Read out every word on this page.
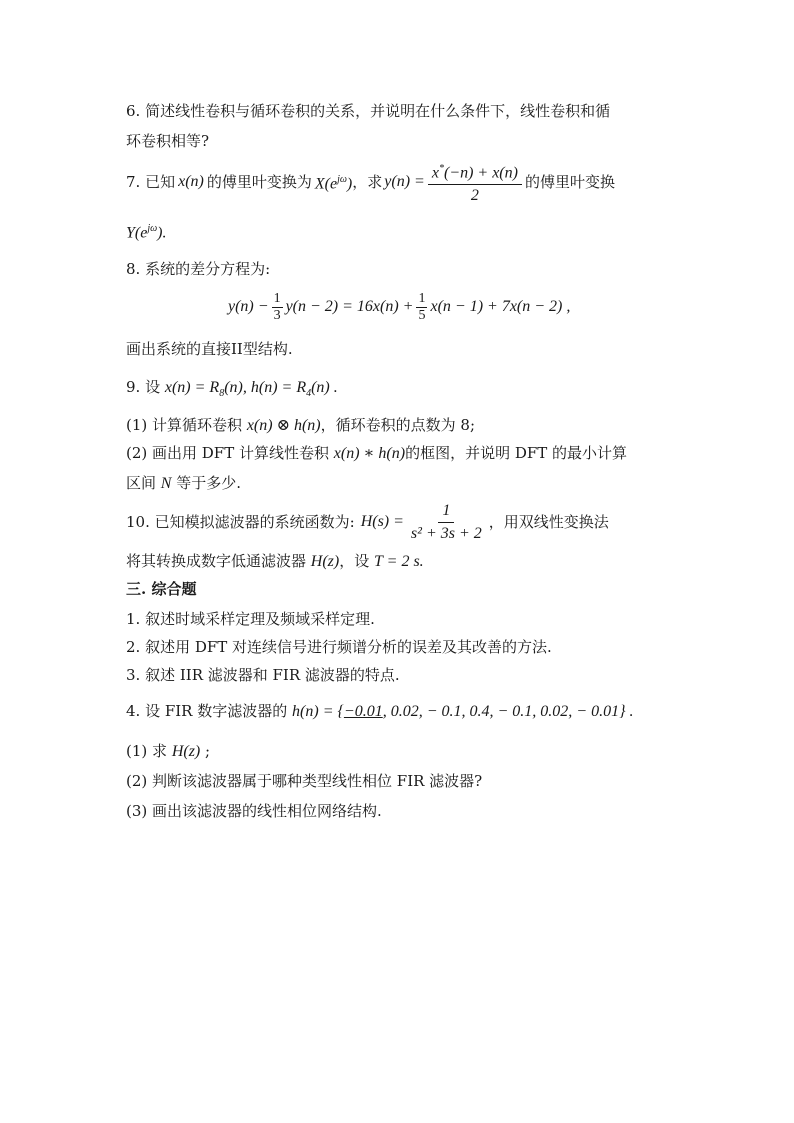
6. 简述线性卷积与循环卷积的关系，并说明在什么条件下，线性卷积和循
环卷积相等?
7. 已知 x(n) 的傅里叶变换为 $X(e^{j\omega})$ ，求 $y(n) = \frac{x^*(-n) + x(n)}{2}$ 的傅里叶变换
$Y(e^{j\omega})$.
8. 系统的差分方程为:
$y(n) - \frac{1}{3} y(n - 2) = 16x(n) + \frac{1}{5} x(n - 1) + 7x(n - 2)$ ,
画出系统的直接II型结构.
9. 设 $x(n) = R_8(n)$, $h(n) = R_4(n)$ .
(1) 计算循环卷积 x(n) ⊗ h(n)，循环卷积的点数为 8;
(2) 画出用 DFT 计算线性卷积 x(n) ∗ h(n)的框图，并说明 DFT 的最小计算
区间 N 等于多少.
10. 已知模拟滤波器的系统函数为: $H(s) = \frac{1}{\text{s² + 3s + 2}}$ ，用双线性变换法
将其转换成数字低通滤波器 H(z)，设 T = 2 s.
三. 综合题
1. 叙述时域采样定理及频域采样定理.
2. 叙述用 DFT 对连续信号进行频谱分析的误差及其改善的方法.
3. 叙述 IIR 滤波器和 FIR 滤波器的特点.
4. 设 FIR 数字滤波器的 h(n) = {−0.01, 0.02, − 0.1, 0.4, − 0.1, 0.02, − 0.01} .
(1) 求 H(z) ;
(2) 判断该滤波器属于哪种类型线性相位 FIR 滤波器?
(3) 画出该滤波器的线性相位网络结构.
